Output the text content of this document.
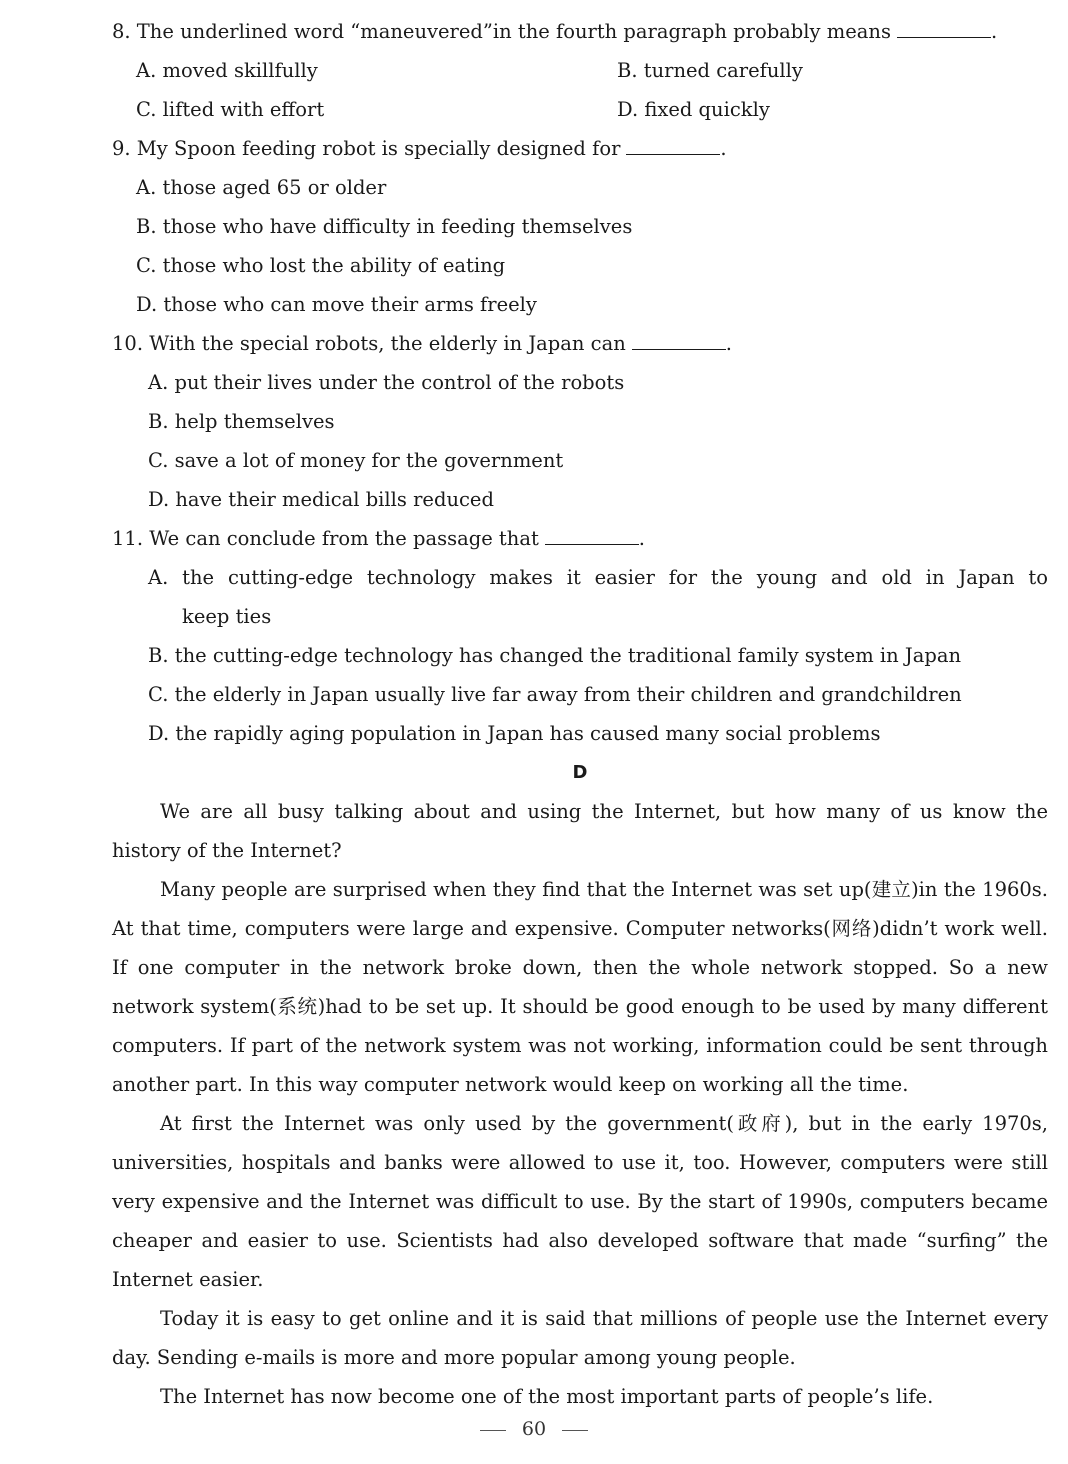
8. The underlined word “maneuvered”in the fourth paragraph probably means	.
A. moved skillfully	B. turned carefully
C. lifted with effort	D. fixed quickly
9. My Spoon feeding robot is specially designed for	.
A. those aged 65 or older
B. those who have difficulty in feeding themselves
C. those who lost the ability of eating
D. those who can move their arms freely
10. With the special robots, the elderly in Japan can	.
A. put their lives under the control of the robots
B. help themselves
C. save a lot of money for the government
D. have their medical bills reduced
11. We can conclude from the passage that	.
A. the cutting-edge technology makes it easier for the young and old in Japan to
keep ties
B. the cutting-edge technology has changed the traditional family system in Japan
C. the elderly in Japan usually live far away from their children and grandchildren
D. the rapidly aging population in Japan has caused many social problems
D

We are all busy talking about and using the Internet, but how many of us know the history of the Internet?

Many people are surprised when they find that the Internet was set up(建立)in the 1960s. At that time, computers were large and expensive. Computer networks(网络)didn’t work well. If one computer in the network broke down, then the whole network stopped. So a new network system(系统)had to be set up. It should be good enough to be used by many different computers. If part of the network system was not working, information could be sent through another part. In this way computer network would keep on working all the time.

At first the Internet was only used by the government(政府), but in the early 1970s, universities, hospitals and banks were allowed to use it, too. However, computers were still very expensive and the Internet was difficult to use. By the start of 1990s, computers became cheaper and easier to use. Scientists had also developed software that made “surfing” the Internet easier.

Today it is easy to get online and it is said that millions of people use the Internet every day. Sending e-mails is more and more popular among young people.

The Internet has now become one of the most important parts of people’s life.

60
